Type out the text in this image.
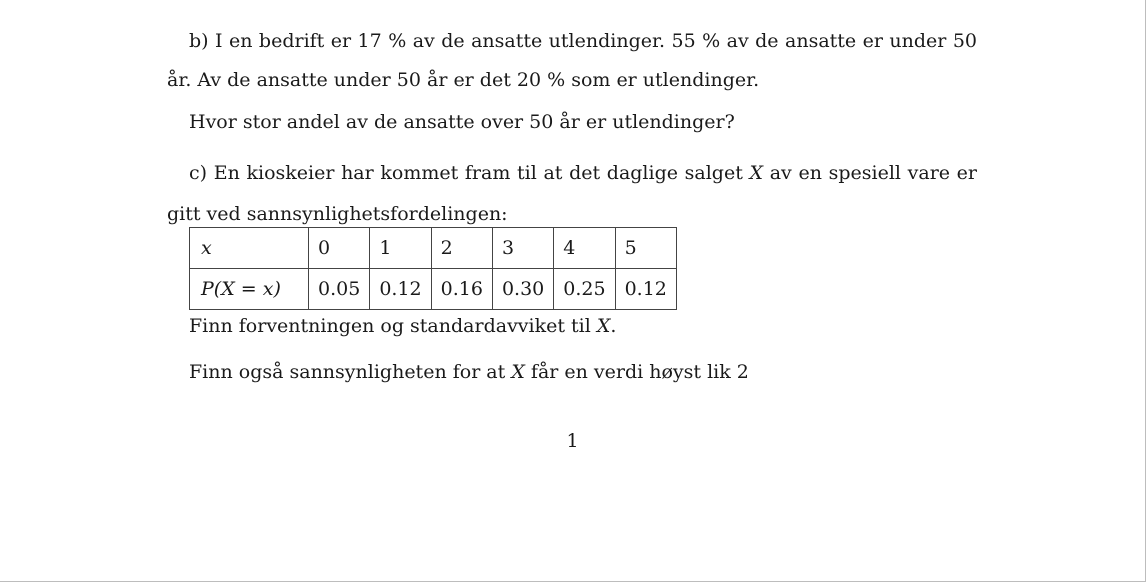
b) I en bedrift er 17 % av de ansatte utlendinger. 55 % av de ansatte er under 50
år. Av de ansatte under 50 år er det 20 % som er utlendinger.
Hvor stor andel av de ansatte over 50 år er utlendinger?
c) En kioskeier har kommet fram til at det daglige salget X av en spesiell vare er
gitt ved sannsynlighetsfordelingen:
x	0	1	2	3	4	5
P(X = x)	0.05	0.12	0.16	0.30	0.25	0.12
Finn forventningen og standardavviket til X.
Finn også sannsynligheten for at X får en verdi høyst lik 2
1
